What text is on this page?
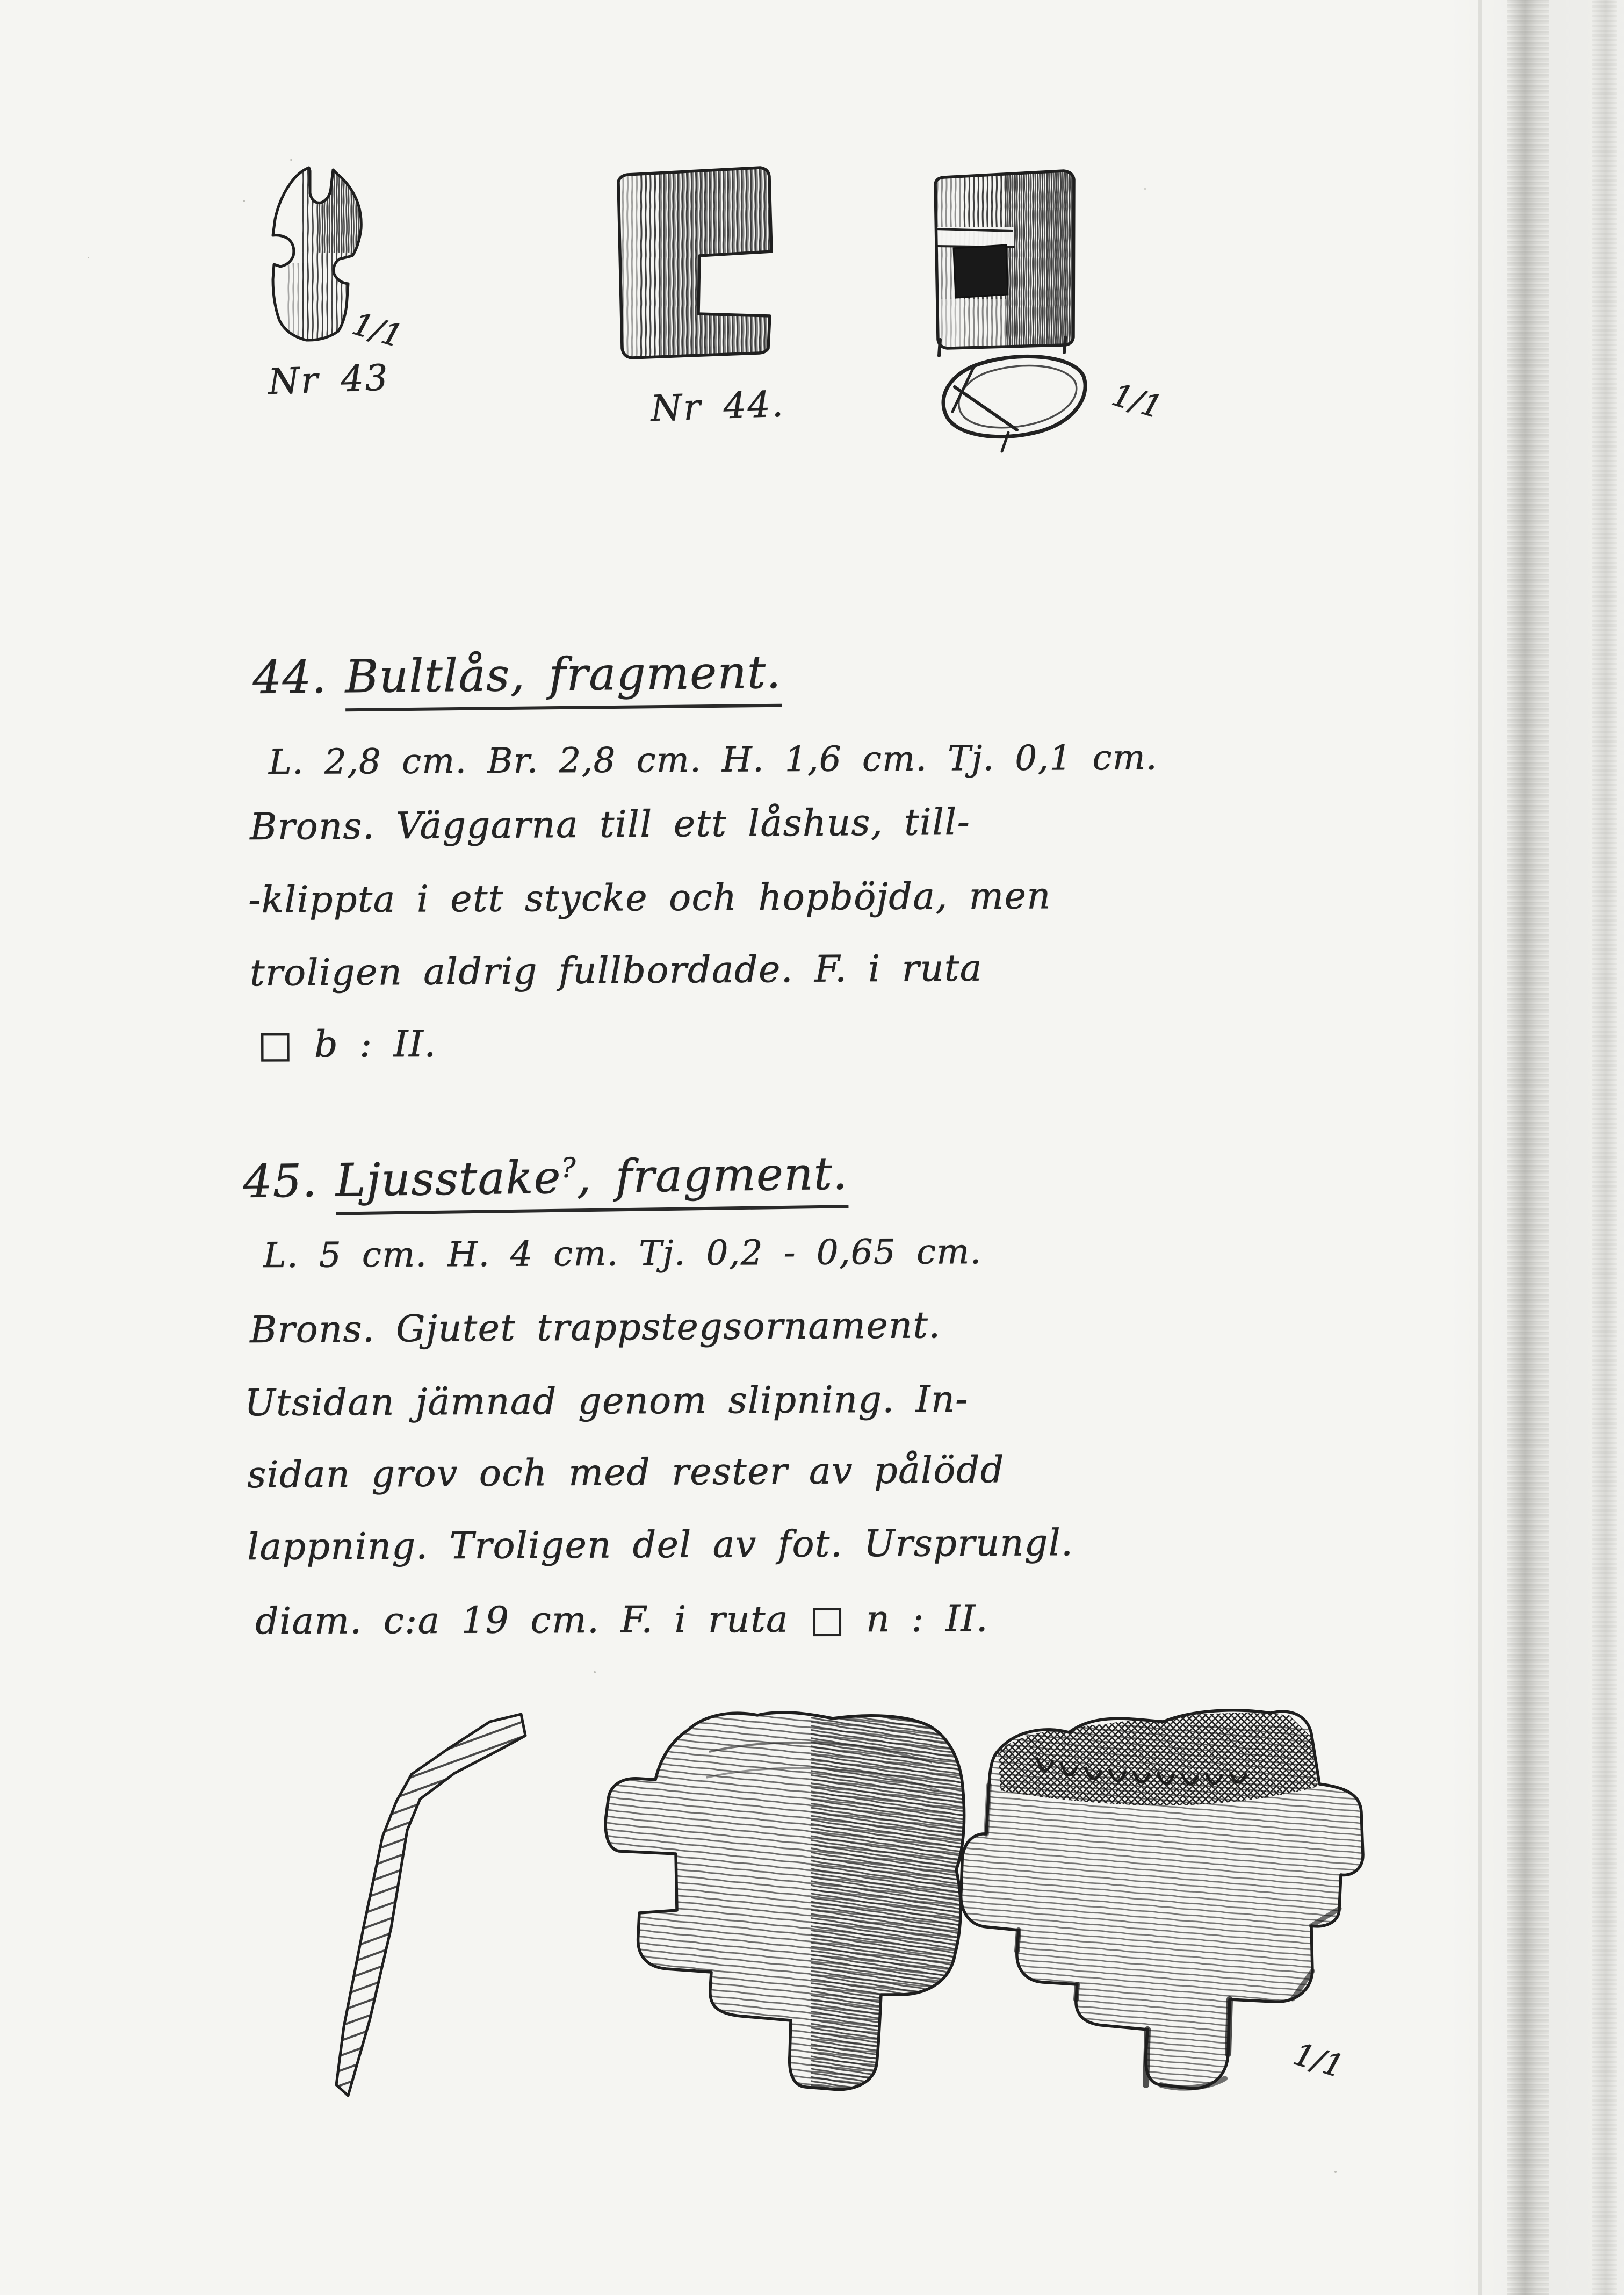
Nr 43
1/1
Nr 44.	1/1
1/1
44. Bultlås, fragment.
L. 2,8 cm. Br. 2,8 cm. H. 1,6 cm. Tj. 0,1 cm.
Brons. Väggarna till ett låshus, till-
-klippta i ett stycke och hopböjda, men
troligen aldrig fullbordade. F. i ruta
□ b : II.
45. Ljusstake?, fragment.
L. 5 cm. H. 4 cm. Tj. 0,2 - 0,65 cm.
Brons. Gjutet trappstegsornament.
Utsidan jämnad genom slipning. In-
sidan grov och med rester av pålödd
lappning. Troligen del av fot. Ursprungl.
diam. c:a 19 cm. F. i ruta □ n : II.
